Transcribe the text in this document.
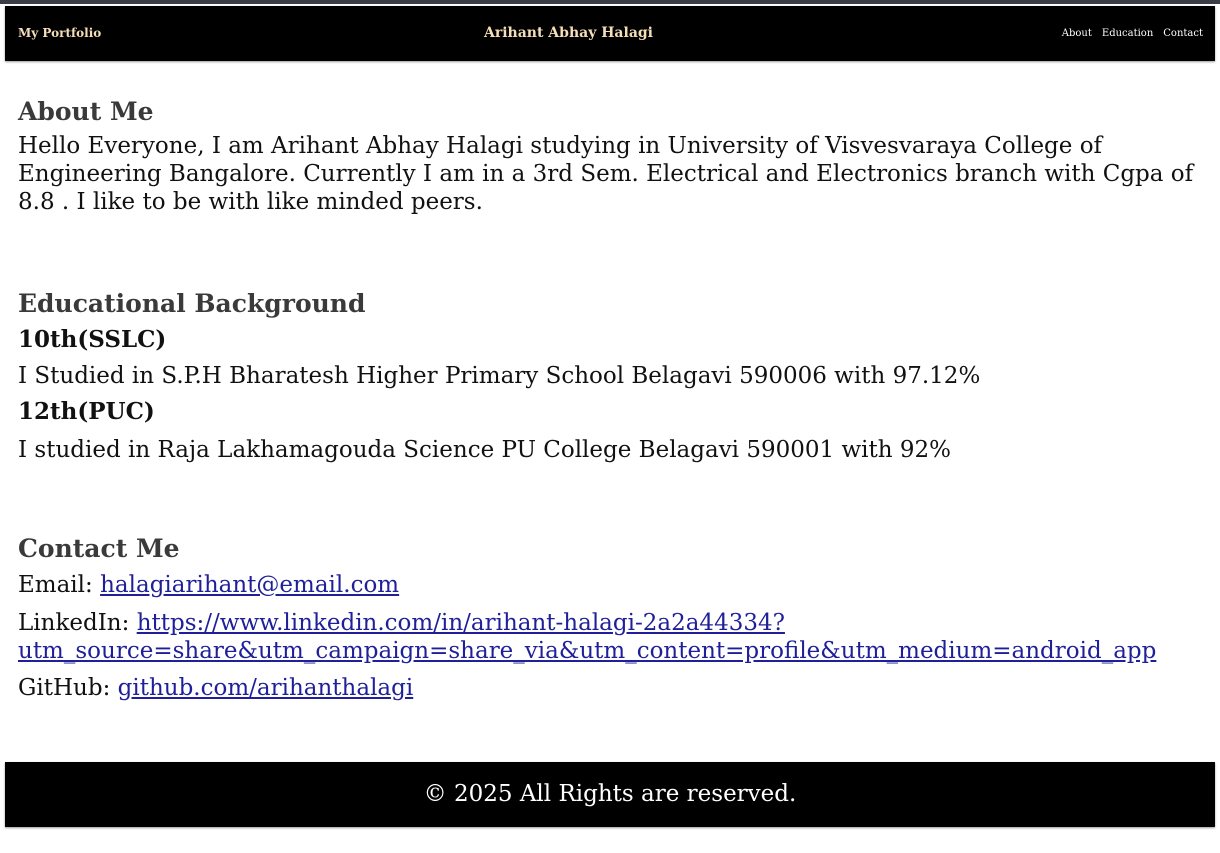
My Portfolio	Arihant Abhay Halagi	About Education Contact
About Me

Hello Everyone, I am Arihant Abhay Halagi studying in University of Visvesvaraya College of Engineering Bangalore. Currently I am in a 3rd Sem. Electrical and Electronics branch with Cgpa of 8.8 . I like to be with like minded peers.

Educational Background
10th(SSLC)

I Studied in S.P.H Bharatesh Higher Primary School Belagavi 590006 with 97.12%

12th(PUC)

I studied in Raja Lakhamagouda Science PU College Belagavi 590001 with 92%

Contact Me

Email: halagiarihant@email.com

LinkedIn: https://www.linkedin.com/in/arihant-halagi-2a2a44334?utm_source=share&utm_campaign=share_via&utm_content=profile&utm_medium=android_app

GitHub: github.com/arihanthalagi

© 2025 All Rights are reserved.
